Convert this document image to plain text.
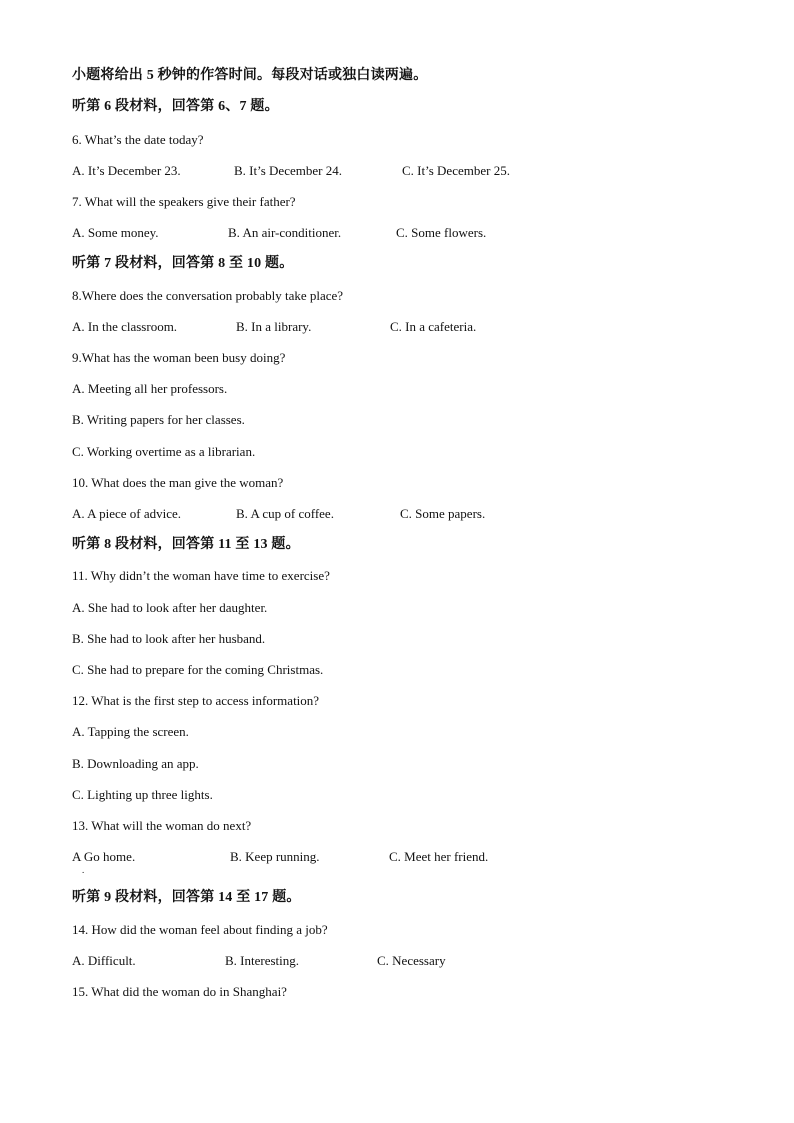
小题将给出 5 秒钟的作答时间。每段对话或独白读两遍。
听第 6 段材料，回答第 6、7 题。
6. What’s the date today?
A. It’s December 23.	B. It’s December 24.	C. It’s December 25.
7. What will the speakers give their father?
A. Some money.	B. An air-conditioner.	C. Some flowers.
听第 7 段材料，回答第 8 至 10 题。
8.Where does the conversation probably take place?
A. In the classroom.	B. In a library.	C. In a cafeteria.
9.What has the woman been busy doing?
A. Meeting all her professors.
B. Writing papers for her classes.
C. Working overtime as a librarian.
10. What does the man give the woman?
A. A piece of advice.	B. A cup of coffee.	C. Some papers.
听第 8 段材料，回答第 11 至 13 题。
11. Why didn’t the woman have time to exercise?
A. She had to look after her daughter.
B. She had to look after her husband.
C. She had to prepare for the coming Christmas.
12. What is the first step to access information?
A. Tapping the screen.
B. Downloading an app.
C. Lighting up three lights.
13. What will the woman do next?
A Go home.	B. Keep running.	C. Meet her friend.
.
听第 9 段材料，回答第 14 至 17 题。
14. How did the woman feel about finding a job?
A. Difficult.	B. Interesting.	C. Necessary
15. What did the woman do in Shanghai?
